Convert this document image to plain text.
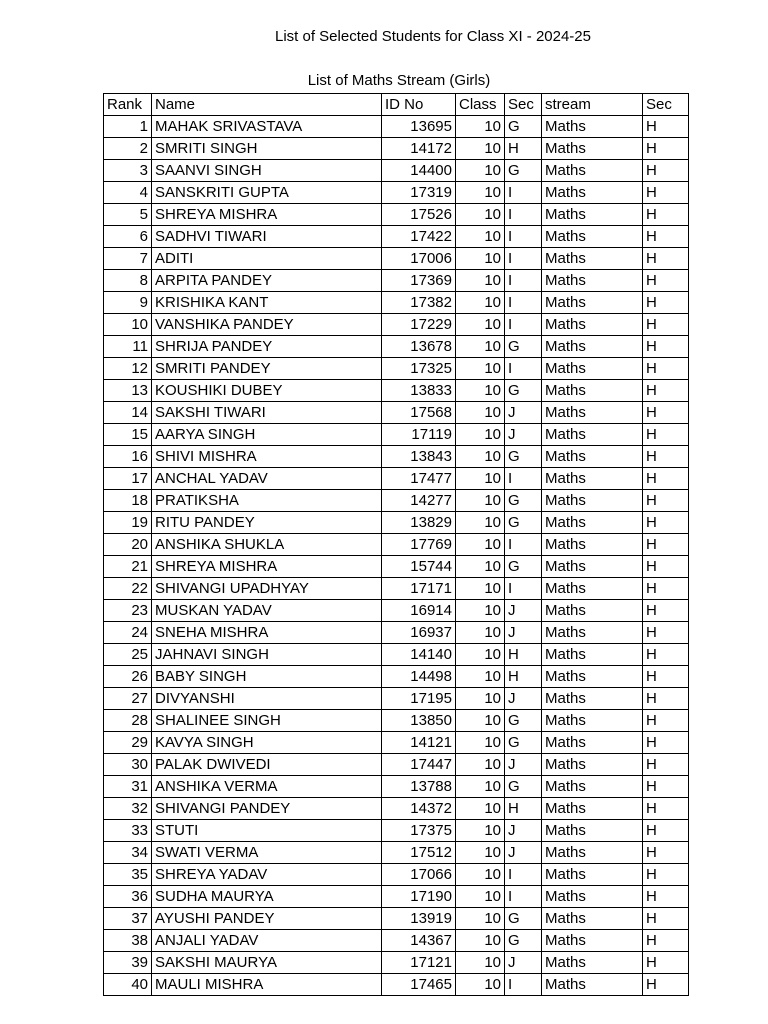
List of Selected Students for Class XI - 2024-25
List of Maths Stream (Girls)
Rank	Name	ID No	Class	Sec	stream	Sec
1	MAHAK SRIVASTAVA	13695	10	G	Maths	H
2	SMRITI SINGH	14172	10	H	Maths	H
3	SAANVI SINGH	14400	10	G	Maths	H
4	SANSKRITI GUPTA	17319	10	I	Maths	H
5	SHREYA MISHRA	17526	10	I	Maths	H
6	SADHVI TIWARI	17422	10	I	Maths	H
7	ADITI	17006	10	I	Maths	H
8	ARPITA PANDEY	17369	10	I	Maths	H
9	KRISHIKA KANT	17382	10	I	Maths	H
10	VANSHIKA PANDEY	17229	10	I	Maths	H
11	SHRIJA PANDEY	13678	10	G	Maths	H
12	SMRITI PANDEY	17325	10	I	Maths	H
13	KOUSHIKI DUBEY	13833	10	G	Maths	H
14	SAKSHI TIWARI	17568	10	J	Maths	H
15	AARYA SINGH	17119	10	J	Maths	H
16	SHIVI MISHRA	13843	10	G	Maths	H
17	ANCHAL YADAV	17477	10	I	Maths	H
18	PRATIKSHA	14277	10	G	Maths	H
19	RITU PANDEY	13829	10	G	Maths	H
20	ANSHIKA SHUKLA	17769	10	I	Maths	H
21	SHREYA MISHRA	15744	10	G	Maths	H
22	SHIVANGI UPADHYAY	17171	10	I	Maths	H
23	MUSKAN YADAV	16914	10	J	Maths	H
24	SNEHA MISHRA	16937	10	J	Maths	H
25	JAHNAVI SINGH	14140	10	H	Maths	H
26	BABY SINGH	14498	10	H	Maths	H
27	DIVYANSHI	17195	10	J	Maths	H
28	SHALINEE SINGH	13850	10	G	Maths	H
29	KAVYA SINGH	14121	10	G	Maths	H
30	PALAK DWIVEDI	17447	10	J	Maths	H
31	ANSHIKA VERMA	13788	10	G	Maths	H
32	SHIVANGI PANDEY	14372	10	H	Maths	H
33	STUTI	17375	10	J	Maths	H
34	SWATI VERMA	17512	10	J	Maths	H
35	SHREYA YADAV	17066	10	I	Maths	H
36	SUDHA MAURYA	17190	10	I	Maths	H
37	AYUSHI PANDEY	13919	10	G	Maths	H
38	ANJALI YADAV	14367	10	G	Maths	H
39	SAKSHI MAURYA	17121	10	J	Maths	H
40	MAULI MISHRA	17465	10	I	Maths	H
